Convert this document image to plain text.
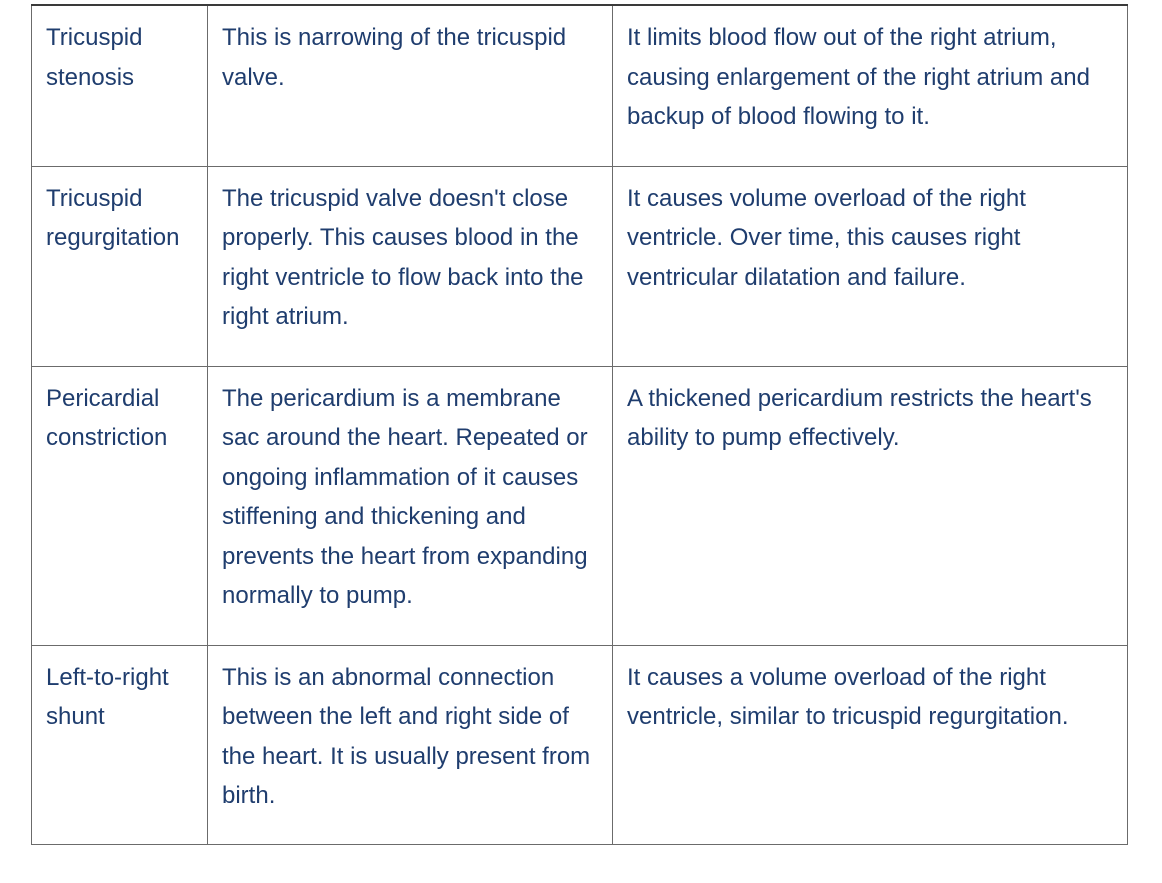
Tricuspid stenosis	This is narrowing of the tricuspid valve.	It limits blood flow out of the right atrium, causing enlargement of the right atrium and backup of blood flowing to it.
Tricuspid regurgitation	The tricuspid valve doesn't close properly. This causes blood in the right ventricle to flow back into the right atrium.	It causes volume overload of the right ventricle. Over time, this causes right ventricular dilatation and failure.
Pericardial constriction	The pericardium is a membrane sac around the heart. Repeated or ongoing inflammation of it causes stiffening and thickening and prevents the heart from expanding normally to pump.	A thickened pericardium restricts the heart's ability to pump effectively.
Left-to-right shunt	This is an abnormal connection between the left and right side of the heart. It is usually present from birth.	It causes a volume overload of the right ventricle, similar to tricuspid regurgitation.
